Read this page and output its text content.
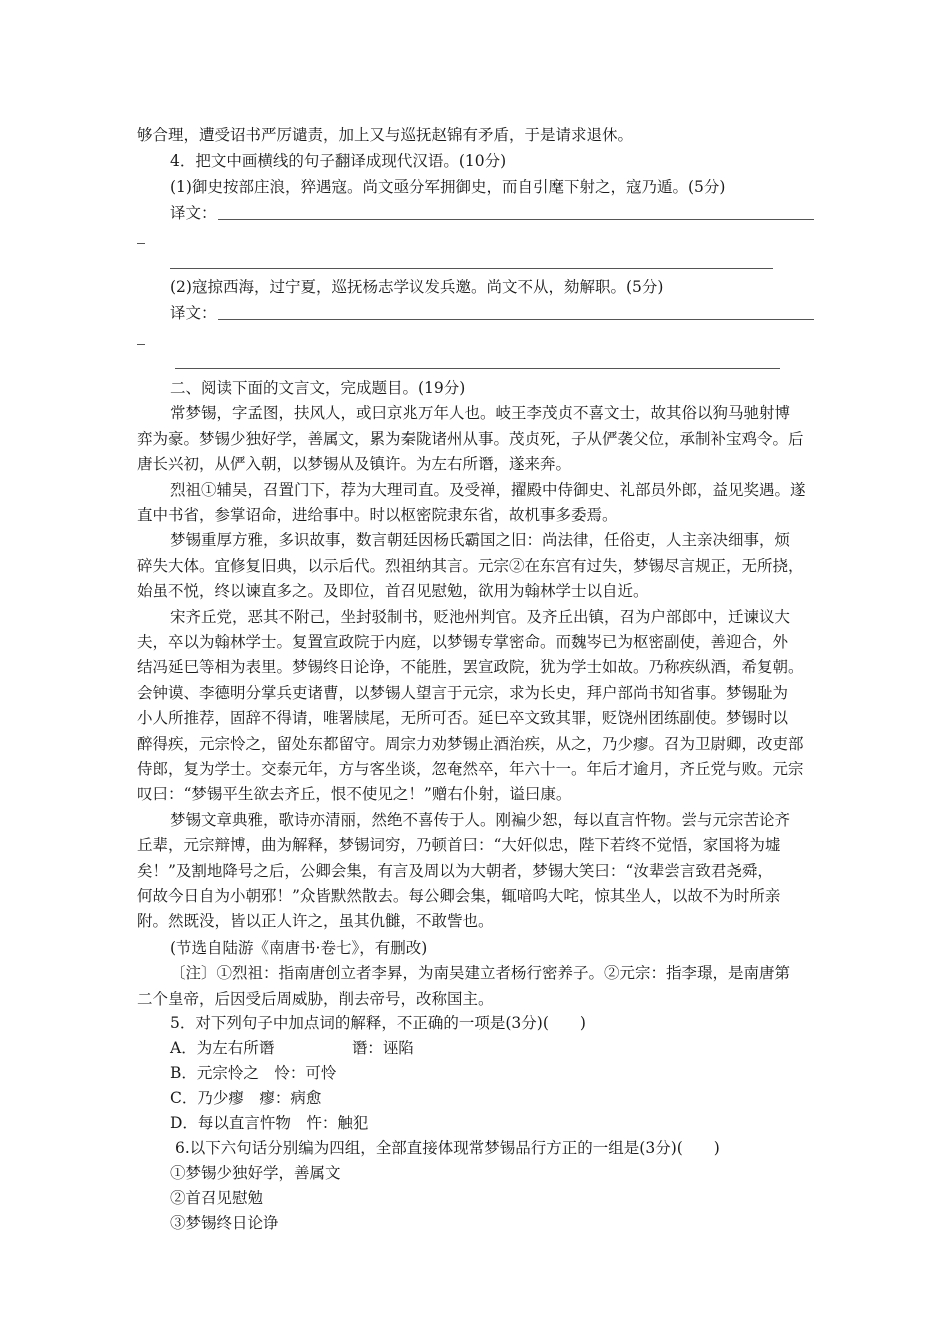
够合理，遭受诏书严厉谴责，加上又与巡抚赵锦有矛盾，于是请求退休。
4．把文中画横线的句子翻译成现代汉语。(10分)
(1)御史按部庄浪，猝遇寇。尚文亟分军拥御史，而自引麾下射之，寇乃遁。(5分)
译文：
(2)寇掠西海，过宁夏，巡抚杨志学议发兵邀。尚文不从，劾解职。(5分)
译文：
二、阅读下面的文言文，完成题目。(19分)
常梦锡，字孟图，扶风人，或曰京兆万年人也。岐王李茂贞不喜文士，故其俗以狗马驰射博
弈为豪。梦锡少独好学，善属文，累为秦陇诸州从事。茂贞死，子从俨袭父位，承制补宝鸡令。后
唐长兴初，从俨入朝，以梦锡从及镇许。为左右所谮，遂来奔。
烈祖①辅吴，召置门下，荐为大理司直。及受禅，擢殿中侍御史、礼部员外郎，益见奖遇。遂
直中书省，参掌诏命，进给事中。时以枢密院隶东省，故机事多委焉。
梦锡重厚方雅，多识故事，数言朝廷因杨氏霸国之旧：尚法律，任俗吏，人主亲决细事，烦
碎失大体。宜修复旧典，以示后代。烈祖纳其言。元宗②在东宫有过失，梦锡尽言规正，无所挠，
始虽不悦，终以谏直多之。及即位，首召见慰勉，欲用为翰林学士以自近。
宋齐丘党，恶其不附己，坐封驳制书，贬池州判官。及齐丘出镇，召为户部郎中，迁谏议大
夫，卒以为翰林学士。复置宣政院于内庭，以梦锡专掌密命。而魏岑已为枢密副使，善迎合，外
结冯延巳等相为表里。梦锡终日论诤，不能胜，罢宣政院，犹为学士如故。乃称疾纵酒，希复朝。
会钟谟、李德明分掌兵吏诸曹，以梦锡人望言于元宗，求为长史，拜户部尚书知省事。梦锡耻为
小人所推荐，固辞不得请，唯署牍尾，无所可否。延巳卒文致其罪，贬饶州团练副使。梦锡时以
醉得疾，元宗怜之，留处东都留守。周宗力劝梦锡止酒治疾，从之，乃少瘳。召为卫尉卿，改吏部
侍郎，复为学士。交泰元年，方与客坐谈，忽奄然卒，年六十一。年后才逾月，齐丘党与败。元宗
叹曰：“梦锡平生欲去齐丘，恨不使见之！”赠右仆射，谥曰康。
梦锡文章典雅，歌诗亦清丽，然绝不喜传于人。刚褊少恕，每以直言忤物。尝与元宗苦论齐
丘辈，元宗辩博，曲为解释，梦锡词穷，乃顿首曰：“大奸似忠，陛下若终不觉悟，家国将为墟
矣！”及割地降号之后，公卿会集，有言及周以为大朝者，梦锡大笑曰：“汝辈尝言致君尧舜，
何故今日自为小朝邪！”众皆默然散去。每公卿会集，辄喑呜大咤，惊其坐人，以故不为时所亲
附。然既没，皆以正人许之，虽其仇雠，不敢訾也。
(节选自陆游《南唐书·卷七》，有删改)
〔注〕①烈祖：指南唐创立者李昪，为南吴建立者杨行密养子。②元宗：指李璟，是南唐第
二个皇帝，后因受后周威胁，削去帝号，改称国主。
5．对下列句子中加点词的解释，不正确的一项是(3分)(　　)
A．为左右所谮　　　　　谮：诬陷
B．元宗怜之　怜：可怜
C．乃少瘳　瘳：病愈
D．每以直言忤物　忤：触犯
6.以下六句话分别编为四组，全部直接体现常梦锡品行方正的一组是(3分)(　　)
①梦锡少独好学，善属文
②首召见慰勉
③梦锡终日论诤
